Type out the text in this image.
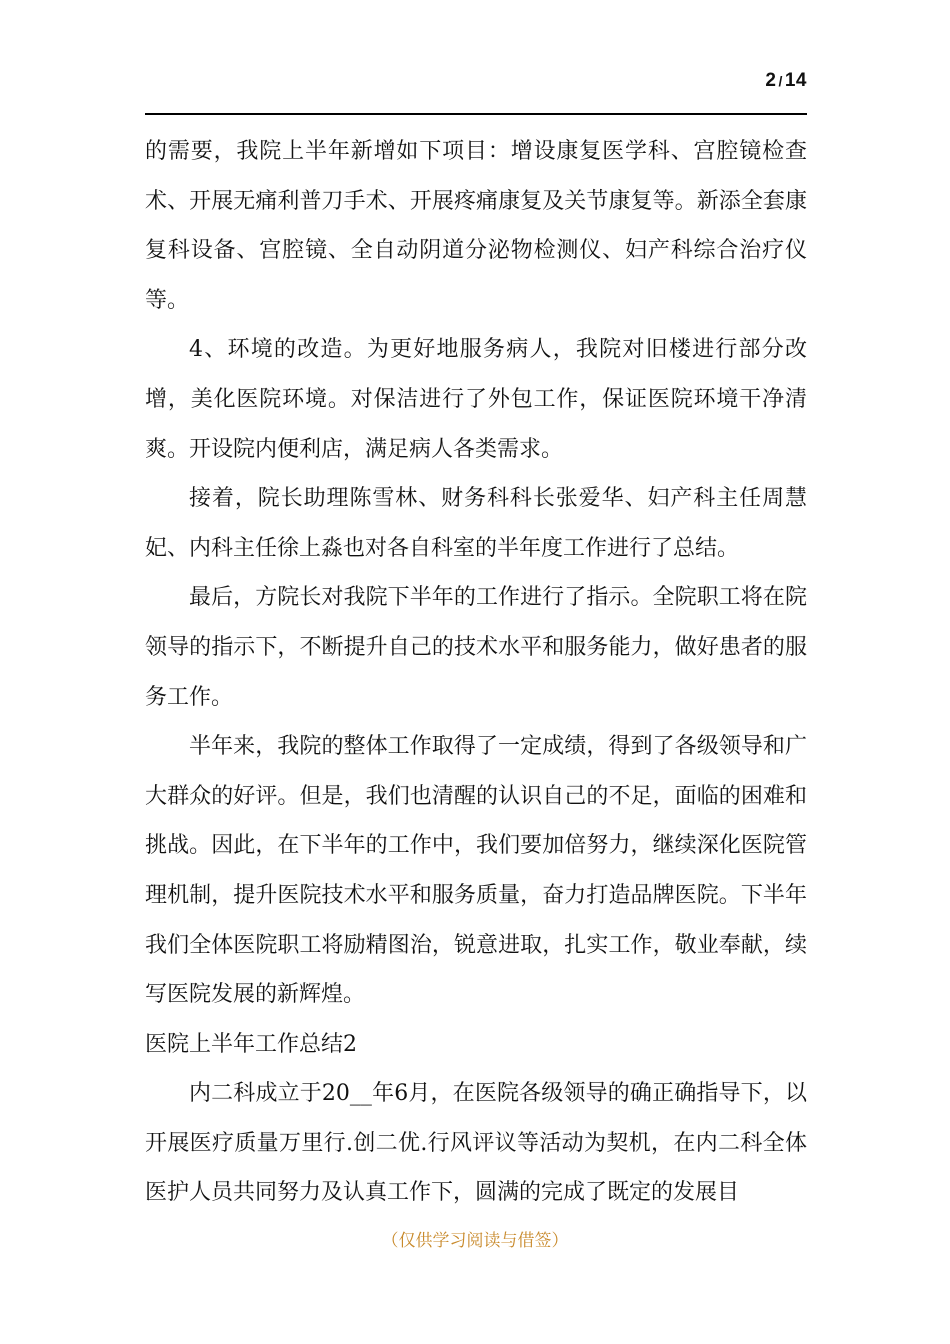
2 / 14

的需要，我院上半年新增如下项目：增设康复医学科、宫腔镜检查术、开展无痛利普刀手术、开展疼痛康复及关节康复等。新添全套康复科设备、宫腔镜、全自动阴道分泌物检测仪、妇产科综合治疗仪等。

4、环境的改造。为更好地服务病人，我院对旧楼进行部分改增，美化医院环境。对保洁进行了外包工作，保证医院环境干净清爽。开设院内便利店，满足病人各类需求。

接着，院长助理陈雪林、财务科科长张爱华、妇产科主任周慧妃、内科主任徐上淼也对各自科室的半年度工作进行了总结。

最后，方院长对我院下半年的工作进行了指示。全院职工将在院领导的指示下，不断提升自己的技术水平和服务能力，做好患者的服务工作。

半年来，我院的整体工作取得了一定成绩，得到了各级领导和广大群众的好评。但是，我们也清醒的认识自己的不足，面临的困难和挑战。因此，在下半年的工作中，我们要加倍努力，继续深化医院管理机制，提升医院技术水平和服务质量，奋力打造品牌医院。下半年我们全体医院职工将励精图治，锐意进取，扎实工作，敬业奉献，续写医院发展的新辉煌。

医院上半年工作总结2

内二科成立于20__年6月，在医院各级领导的确正确指导下，以开展医疗质量万里行.创二优.行风评议等活动为契机，在内二科全体医护人员共同努力及认真工作下，圆满的完成了既定的发展目

（仅供学习阅读与借签）
